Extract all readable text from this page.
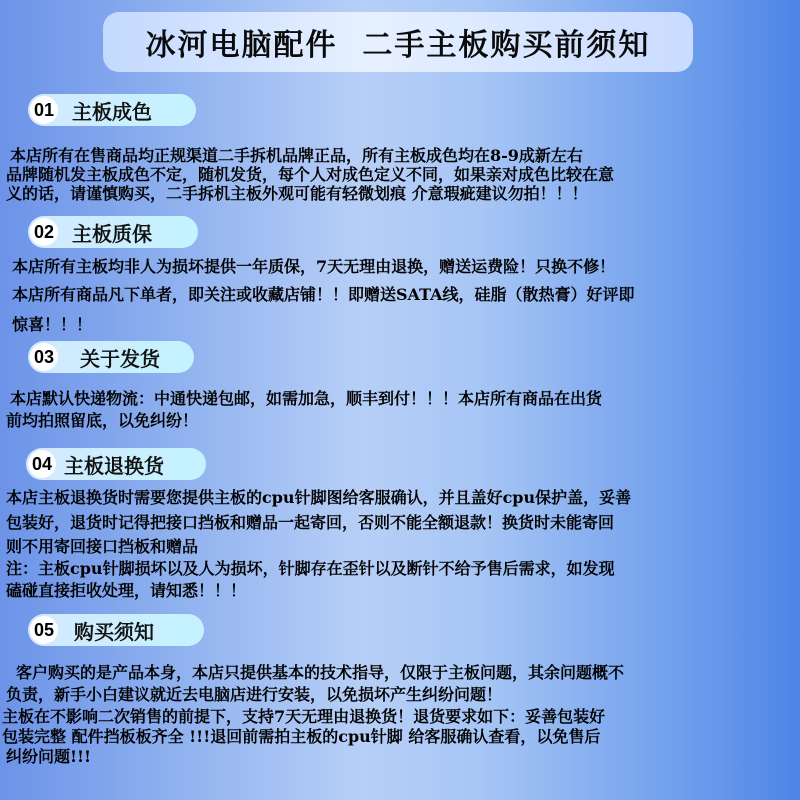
冰河电脑配件  二手主板购买前须知
01 主板成色
本店所有在售商品均正规渠道二手拆机品牌正品，所有主板成色均在8-9成新左右
品牌随机发主板成色不定，随机发货，每个人对成色定义不同，如果亲对成色比较在意
义的话，请谨慎购买，二手拆机主板外观可能有轻微划痕 介意瑕疵建议勿拍！！！
02 主板质保
本店所有主板均非人为损坏提供一年质保，7天无理由退换，赠送运费险！只换不修！
本店所有商品凡下单者，即关注或收藏店铺！！即赠送SATA线，硅脂（散热膏）好评即
惊喜！！！
03 关于发货
本店默认快递物流：中通快递包邮，如需加急，顺丰到付！！！本店所有商品在出货
前均拍照留底，以免纠纷！
04 主板退换货
本店主板退换货时需要您提供主板的cpu针脚图给客服确认，并且盖好cpu保护盖，妥善
包装好，退货时记得把接口挡板和赠品一起寄回，否则不能全额退款！换货时未能寄回
则不用寄回接口挡板和赠品
注：主板cpu针脚损坏以及人为损坏，针脚存在歪针以及断针不给予售后需求，如发现
磕碰直接拒收处理，请知悉！！！
05 购买须知
客户购买的是产品本身，本店只提供基本的技术指导，仅限于主板问题，其余问题概不
负责，新手小白建议就近去电脑店进行安装，以免损坏产生纠纷问题！
主板在不影响二次销售的前提下，支持7天无理由退换货！退货要求如下：妥善包装好
包装完整 配件挡板板齐全 !!!退回前需拍主板的cpu针脚 给客服确认查看，以免售后
纠纷问题!!!
